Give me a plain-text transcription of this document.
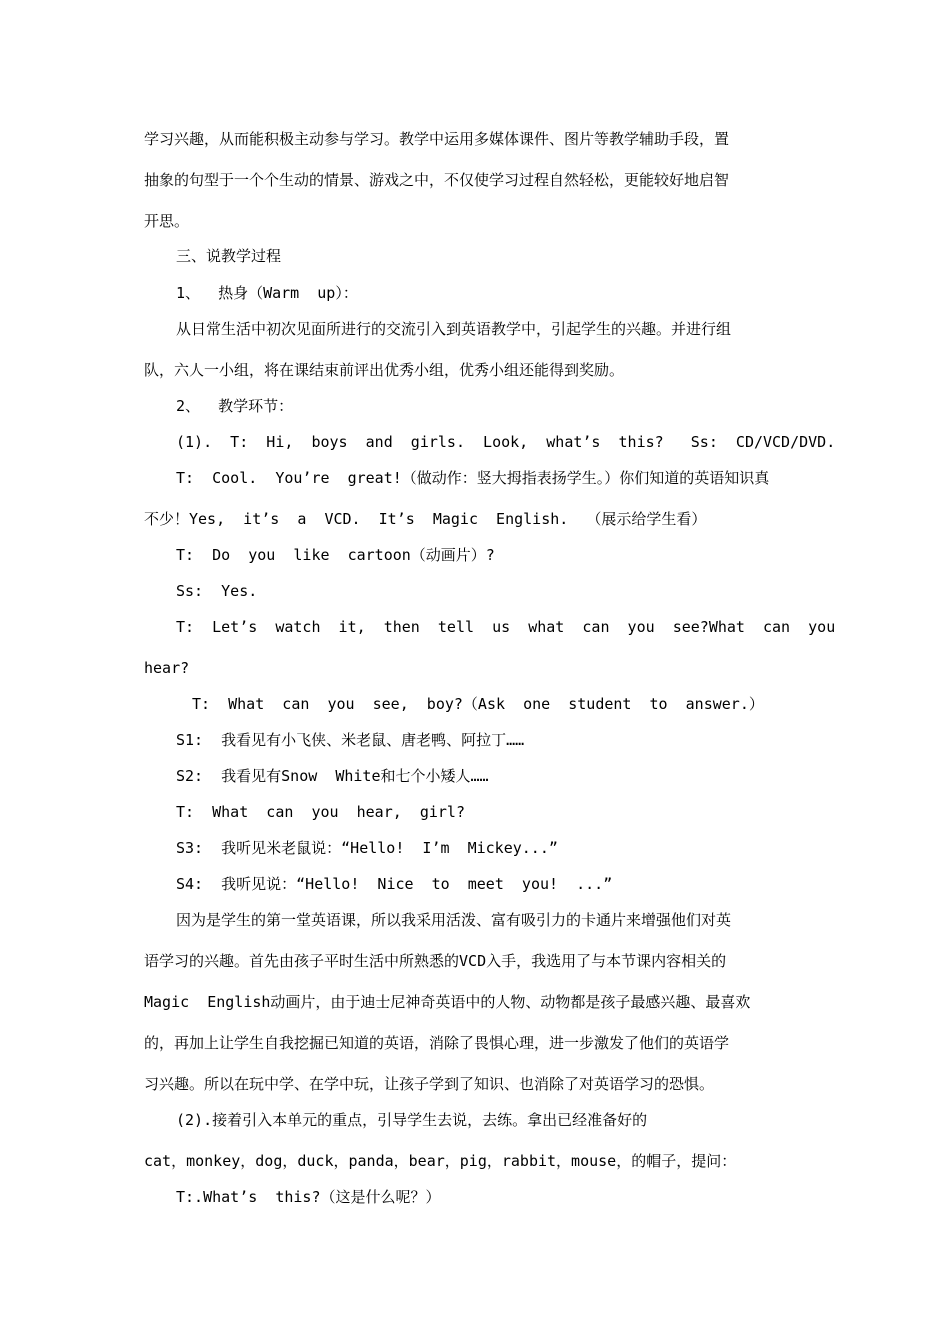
学习兴趣，从而能积极主动参与学习。教学中运用多媒体课件、图片等教学辅助手段，置
抽象的句型于一个个生动的情景、游戏之中，不仅使学习过程自然轻松，更能较好地启智
开思。
三、说教学过程
1、  热身（Warm  up）：
从日常生活中初次见面所进行的交流引入到英语教学中，引起学生的兴趣。并进行组
队，六人一小组，将在课结束前评出优秀小组，优秀小组还能得到奖励。
2、  教学环节：
(1).  T:  Hi,  boys  and  girls.  Look,  what’s  this?   Ss:  CD/VCD/DVD.
T:  Cool.  You’re  great!（做动作：竖大拇指表扬学生。）你们知道的英语知识真
不少！Yes,  it’s  a  VCD.  It’s  Magic  English.  （展示给学生看）
T:  Do  you  like  cartoon（动画片）?
Ss:  Yes.
T:  Let’s  watch  it,  then  tell  us  what  can  you  see?What  can  you
hear?
T:  What  can  you  see,  boy?（Ask  one  student  to  answer.）
S1:  我看见有小飞侠、米老鼠、唐老鸭、阿拉丁……
S2:  我看见有Snow  White和七个小矮人……
T:  What  can  you  hear,  girl?
S3:  我听见米老鼠说：“Hello!  I’m  Mickey...”
S4:  我听见说：“Hello!  Nice  to  meet  you!  ...”
因为是学生的第一堂英语课，所以我采用活泼、富有吸引力的卡通片来增强他们对英
语学习的兴趣。首先由孩子平时生活中所熟悉的VCD入手，我选用了与本节课内容相关的
Magic  English动画片，由于迪士尼神奇英语中的人物、动物都是孩子最感兴趣、最喜欢
的，再加上让学生自我挖掘已知道的英语，消除了畏惧心理，进一步激发了他们的英语学
习兴趣。所以在玩中学、在学中玩，让孩子学到了知识、也消除了对英语学习的恐惧。
(2).接着引入本单元的重点，引导学生去说，去练。拿出已经准备好的
cat，monkey，dog，duck，panda，bear，pig，rabbit，mouse，的帽子，提问：
T:.What’s  this?（这是什么呢？）
